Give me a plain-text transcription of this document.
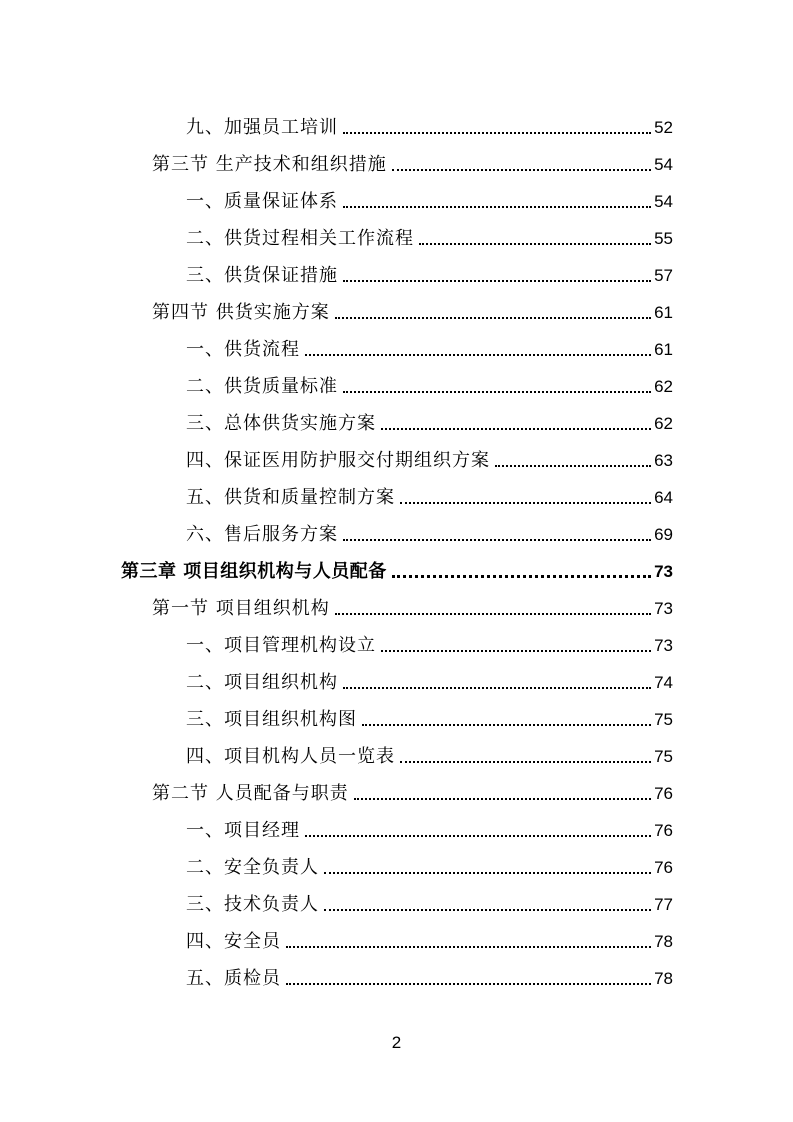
九、加强员工培训	52
第三节 生产技术和组织措施	54
一、质量保证体系	54
二、供货过程相关工作流程	55
三、供货保证措施	57
第四节 供货实施方案	61
一、供货流程	61
二、供货质量标准	62
三、总体供货实施方案	62
四、保证医用防护服交付期组织方案	63
五、供货和质量控制方案	64
六、售后服务方案	69
第三章 项目组织机构与人员配备	73
第一节 项目组织机构	73
一、项目管理机构设立	73
二、项目组织机构	74
三、项目组织机构图	75
四、项目机构人员一览表	75
第二节 人员配备与职责	76
一、项目经理	76
二、安全负责人	76
三、技术负责人	77
四、安全员	78
五、质检员	78
2
